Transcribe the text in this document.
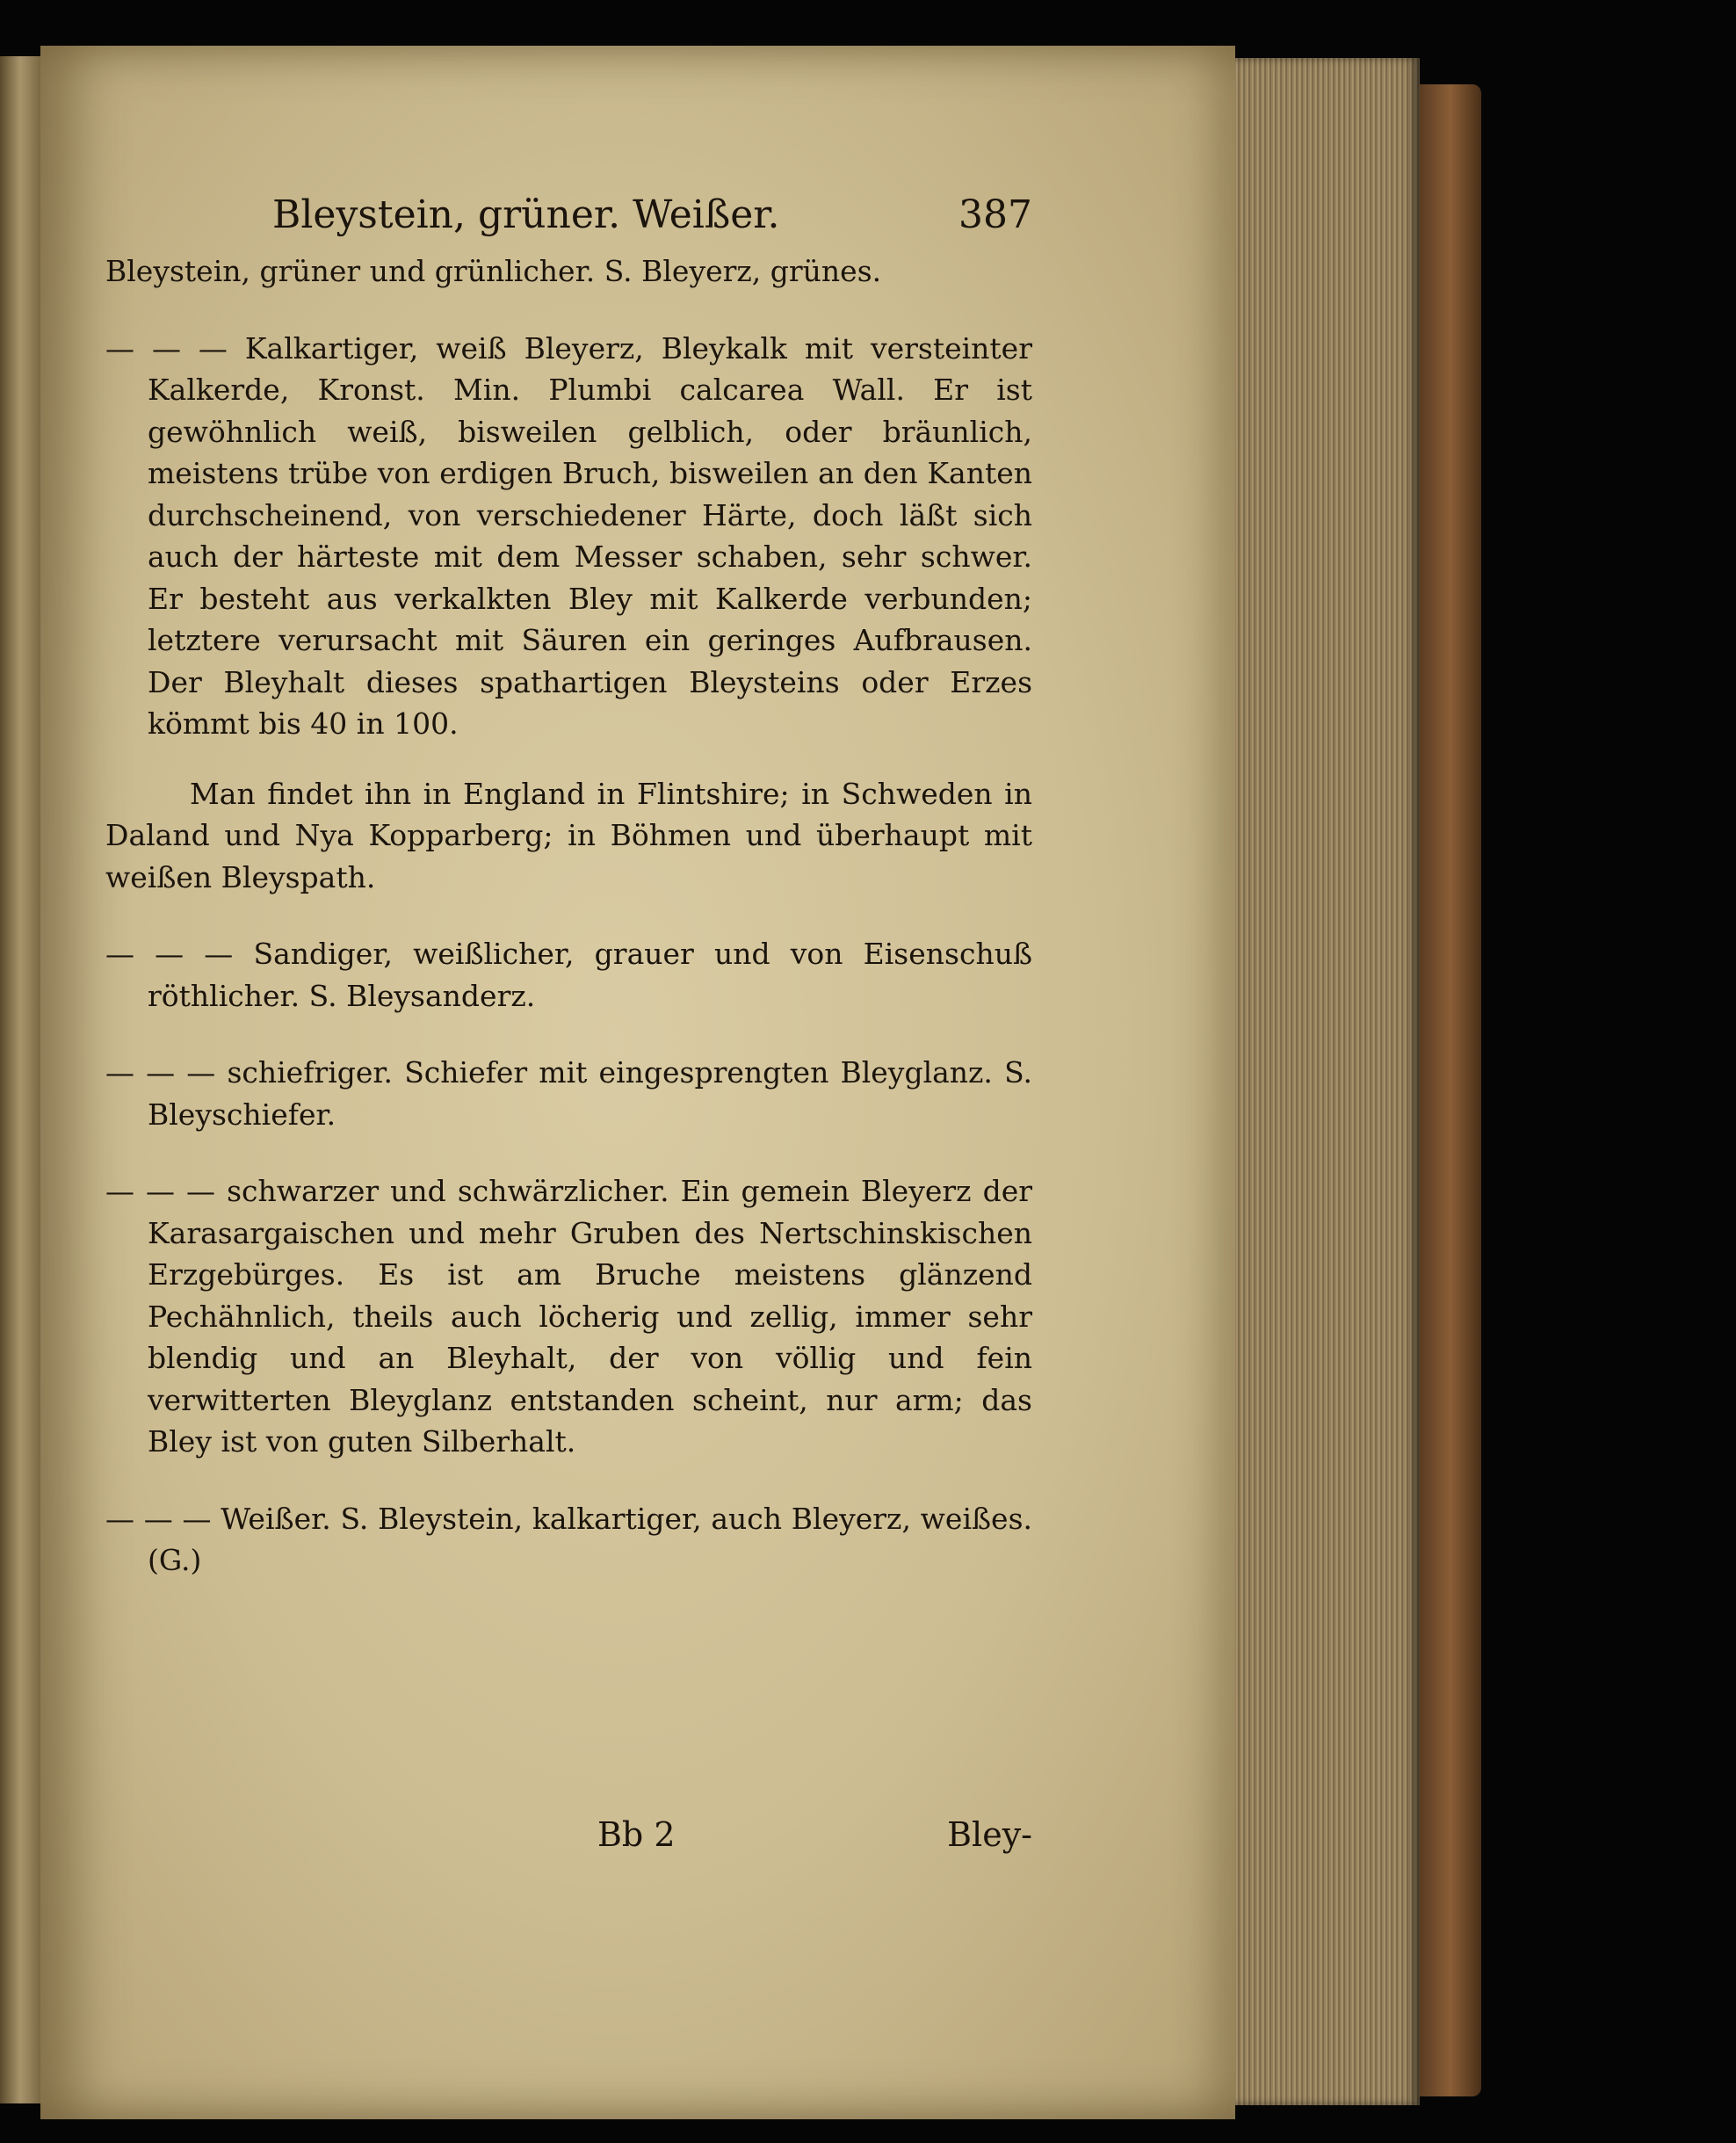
Bleystein, grüner. Weißer.	387

Bleystein, grüner und grünlicher. S. Bleyerz, grünes.

— — — Kalkartiger, weiß Bleyerz, Bleykalk mit versteinter Kalkerde, Kronst. Min. Plumbi calcarea Wall. Er ist gewöhnlich weiß, bisweilen gelblich, oder bräunlich, meistens trübe von erdigen Bruch, bisweilen an den Kanten durchscheinend, von verschiedener Härte, doch läßt sich auch der härteste mit dem Messer schaben, sehr schwer. Er besteht aus verkalkten Bley mit Kalkerde verbunden; letztere verursacht mit Säuren ein geringes Aufbrausen. Der Bleyhalt dieses spathartigen Bleysteins oder Erzes kömmt bis 40 in 100.

Man findet ihn in England in Flintshire; in Schweden in Daland und Nya Kopparberg; in Böhmen und überhaupt mit weißen Bleyspath.

— — — Sandiger, weißlicher, grauer und von Eisenschuß röthlicher. S. Bleysanderz.

— — — schiefriger. Schiefer mit eingesprengten Bleyglanz. S. Bleyschiefer.

— — — schwarzer und schwärzlicher. Ein gemein Bleyerz der Karasargaischen und mehr Gruben des Nertschinskischen Erzgebürges. Es ist am Bruche meistens glänzend Pechähnlich, theils auch löcherig und zellig, immer sehr blendig und an Bleyhalt, der von völlig und fein verwitterten Bleyglanz entstanden scheint, nur arm; das Bley ist von guten Silberhalt.

— — — Weißer. S. Bleystein, kalkartiger, auch Bleyerz, weißes. (G.)

Bb 2	Bley-
